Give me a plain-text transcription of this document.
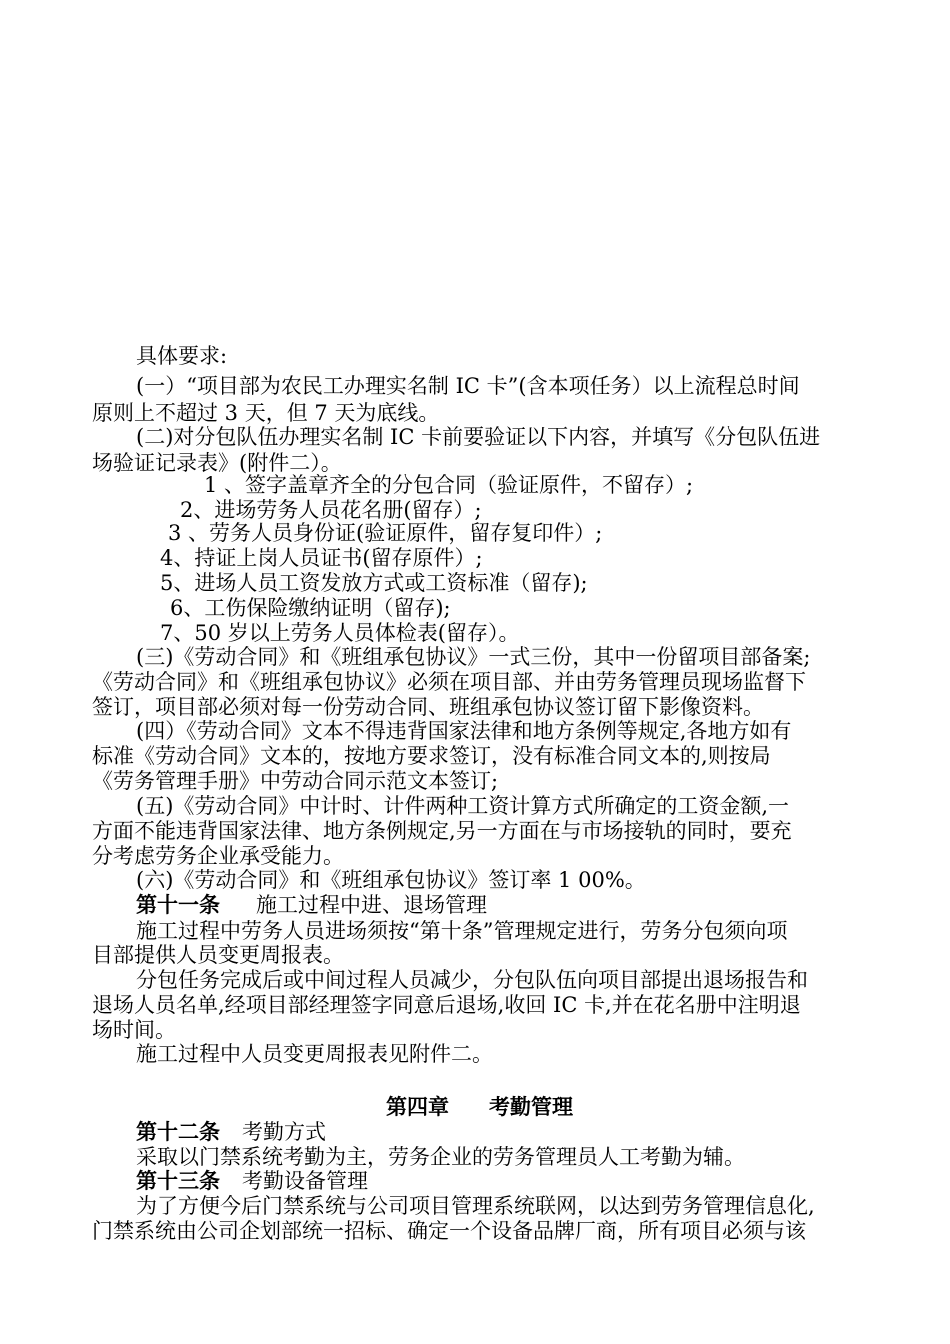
具体要求:
(一）“项目部为农民工办理实名制 IC 卡”(含本项任务）以上流程总时间
原则上不超过 3 天，但 7 天为底线。
(二)对分包队伍办理实名制 IC 卡前要验证以下内容，并填写《分包队伍进
场验证记录表》(附件二）。
1 、签字盖章齐全的分包合同（验证原件，不留存）;
2、进场劳务人员花名册(留存）;
3 、劳务人员身份证(验证原件，留存复印件）;
4、持证上岗人员证书(留存原件）;
5、进场人员工资发放方式或工资标准（留存);
6、工伤保险缴纳证明（留存);
7、50 岁以上劳务人员体检表(留存）。
(三)《劳动合同》和《班组承包协议》一式三份，其中一份留项目部备案;
《劳动合同》和《班组承包协议》必须在项目部、并由劳务管理员现场监督下
签订，项目部必须对每一份劳动合同、班组承包协议签订留下影像资料。
(四）《劳动合同》文本不得违背国家法律和地方条例等规定,各地方如有
标准《劳动合同》文本的，按地方要求签订，没有标准合同文本的,则按局
《劳务管理手册》中劳动合同示范文本签订;
(五)《劳动合同》中计时、计件两种工资计算方式所确定的工资金额,一
方面不能违背国家法律、地方条例规定,另一方面在与市场接轨的同时，要充
分考虑劳务企业承受能力。
(六)《劳动合同》和《班组承包协议》签订率 1 00%。
第十一条 施工过程中进、退场管理
施工过程中劳务人员进场须按“第十条”管理规定进行，劳务分包须向项
目部提供人员变更周报表。
分包任务完成后或中间过程人员减少，分包队伍向项目部提出退场报告和
退场人员名单,经项目部经理签字同意后退场,收回 IC 卡,并在花名册中注明退
场时间。
施工过程中人员变更周报表见附件二。
第四章 考勤管理
第十二条 考勤方式
采取以门禁系统考勤为主，劳务企业的劳务管理员人工考勤为辅。
第十三条 考勤设备管理
为了方便今后门禁系统与公司项目管理系统联网，以达到劳务管理信息化,
门禁系统由公司企划部统一招标、确定一个设备品牌厂商，所有项目必须与该
